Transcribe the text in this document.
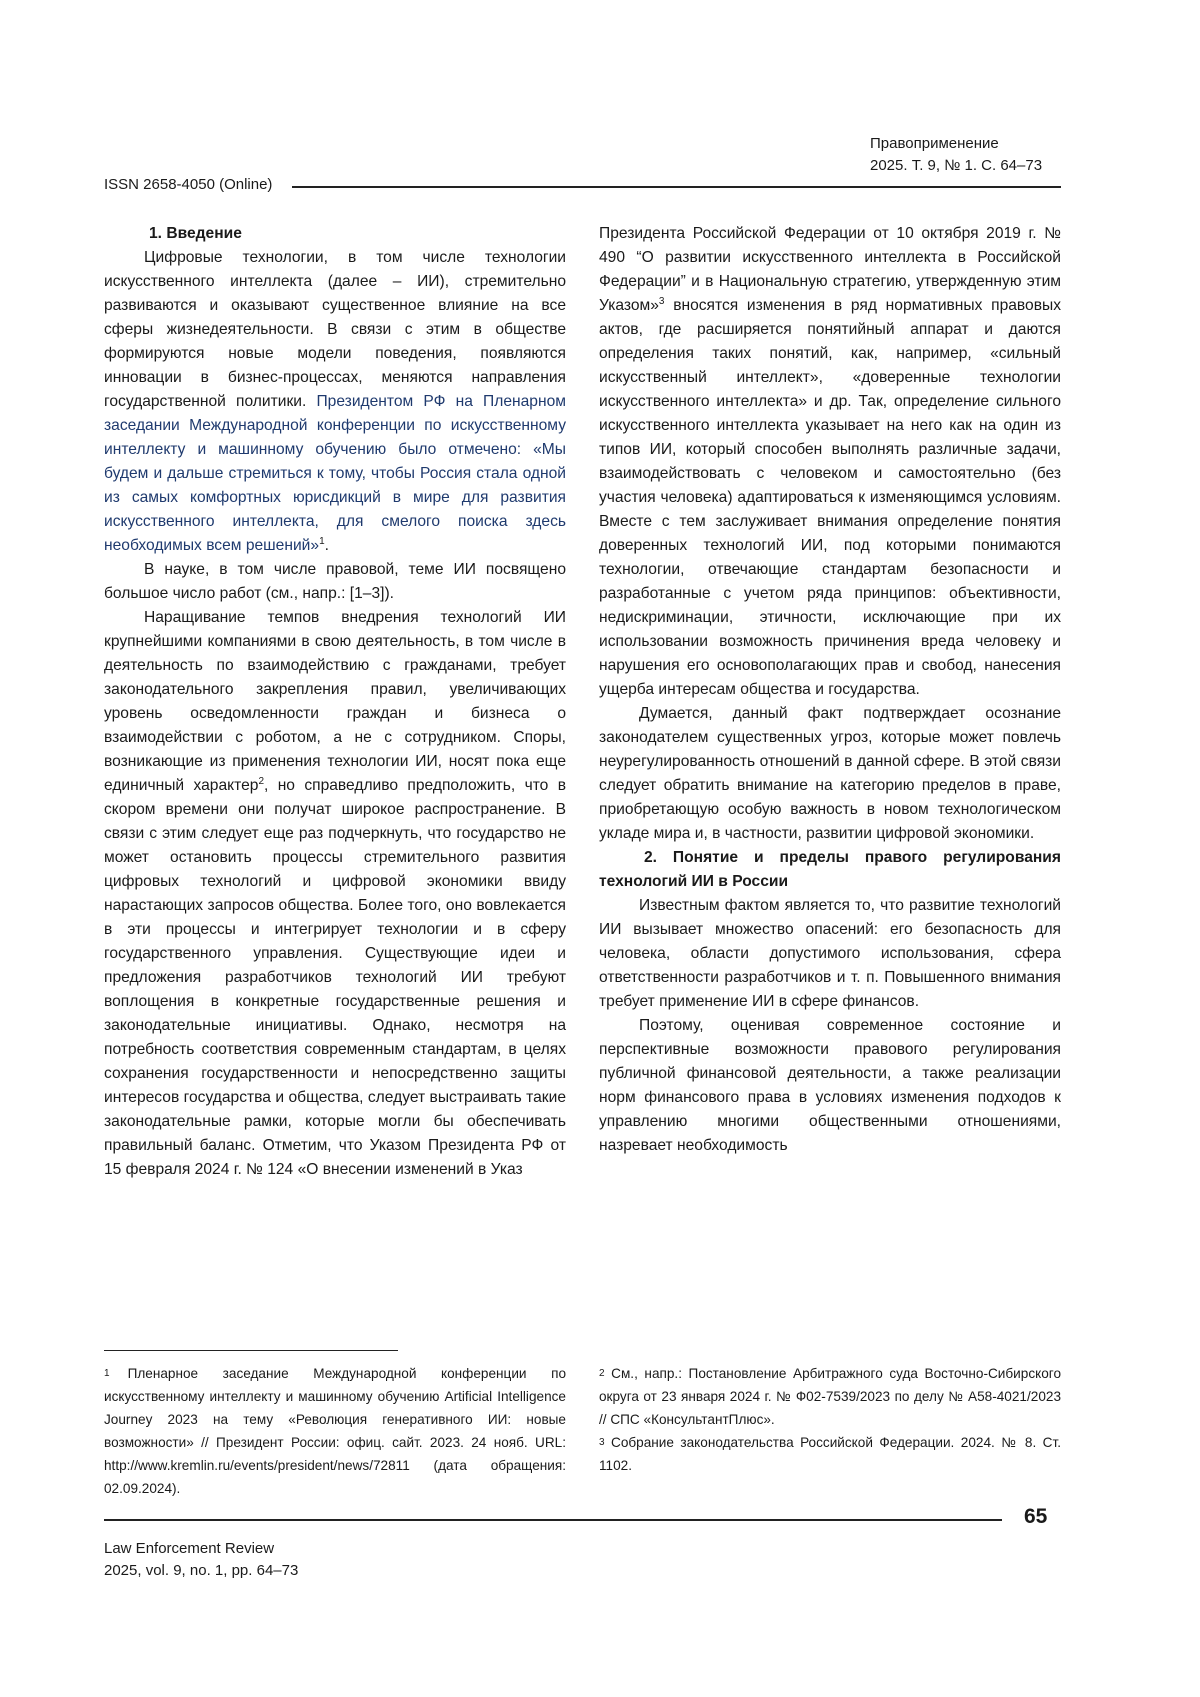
Правоприменение
2025. Т. 9, № 1. С. 64–73
ISSN 2658-4050 (Online)
1. Введение

Цифровые технологии, в том числе технологии искусственного интеллекта (далее – ИИ), стремительно развиваются и оказывают существенное влияние на все сферы жизнедеятельности. В связи с этим в обществе формируются новые модели поведения, появляются инновации в бизнес-процессах, меняются направления государственной политики. Президентом РФ на Пленарном заседании Международной конференции по искусственному интеллекту и машинному обучению было отмечено: «Мы будем и дальше стремиться к тому, чтобы Россия стала одной из самых комфортных юрисдикций в мире для развития искусственного интеллекта, для смелого поиска здесь необходимых всем решений»$^1$.

В науке, в том числе правовой, теме ИИ посвящено большое число работ (см., напр.: [1–3]).

Наращивание темпов внедрения технологий ИИ крупнейшими компаниями в свою деятельность, в том числе в деятельность по взаимодействию с гражданами, требует законодательного закрепления правил, увеличивающих уровень осведомленности граждан и бизнеса о взаимодействии с роботом, а не с сотрудником. Споры, возникающие из применения технологии ИИ, носят пока еще единичный характер$^2$, но справедливо предположить, что в скором времени они получат широкое распространение. В связи с этим следует еще раз подчеркнуть, что государство не может остановить процессы стремительного развития цифровых технологий и цифровой экономики ввиду нарастающих запросов общества. Более того, оно вовлекается в эти процессы и интегрирует технологии и в сферу государственного управления. Существующие идеи и предложения разработчиков технологий ИИ требуют воплощения в конкретные государственные решения и законодательные инициативы. Однако, несмотря на потребность соответствия современным стандартам, в целях сохранения государственности и непосредственно защиты интересов государства и общества, следует выстраивать такие законодательные рамки, которые могли бы обеспечивать правильный баланс. Отметим, что Указом Президента РФ от 15 февраля 2024 г. № 124 «О внесении изменений в Указ

Президента Российской Федерации от 10 октября 2019 г. № 490 “О развитии искусственного интеллекта в Российской Федерации” и в Национальную стратегию, утвержденную этим Указом»$^3$ вносятся изменения в ряд нормативных правовых актов, где расширяется понятийный аппарат и даются определения таких понятий, как, например, «сильный искусственный интеллект», «доверенные технологии искусственного интеллекта» и др. Так, определение сильного искусственного интеллекта указывает на него как на один из типов ИИ, который способен выполнять различные задачи, взаимодействовать с человеком и самостоятельно (без участия человека) адаптироваться к изменяющимся условиям. Вместе с тем заслуживает внимания определение понятия доверенных технологий ИИ, под которыми понимаются технологии, отвечающие стандартам безопасности и разработанные с учетом ряда принципов: объективности, недискриминации, этичности, исключающие при их использовании возможность причинения вреда человеку и нарушения его основополагающих прав и свобод, нанесения ущерба интересам общества и государства.

Думается, данный факт подтверждает осознание законодателем существенных угроз, которые может повлечь неурегулированность отношений в данной сфере. В этой связи следует обратить внимание на категорию пределов в праве, приобретающую особую важность в новом технологическом укладе мира и, в частности, развитии цифровой экономики.

2. Понятие и пределы правого регулирования технологий ИИ в России

Известным фактом является то, что развитие технологий ИИ вызывает множество опасений: его безопасность для человека, области допустимого использования, сфера ответственности разработчиков и т. п. Повышенного внимания требует применение ИИ в сфере финансов.

Поэтому, оценивая современное состояние и перспективные возможности правового регулирования публичной финансовой деятельности, а также реализации норм финансового права в условиях изменения подходов к управлению многими общественными отношениями, назревает необходимость

$^1$ Пленарное заседание Международной конференции по искусственному интеллекту и машинному обучению Artificial Intelligence Journey 2023 на тему «Революция генеративного ИИ: новые возможности» // Президент России: офиц. сайт. 2023. 24 нояб. URL: http://www.kremlin.ru/events/president/news/72811 (дата обращения: 02.09.2024).

$^2$ См., напр.: Постановление Арбитражного суда Восточно-Сибирского округа от 23 января 2024 г. № Ф02-7539/2023 по делу № А58-4021/2023 // СПС «КонсультантПлюс».

$^3$ Собрание законодательства Российской Федерации. 2024. № 8. Ст. 1102.

65
Law Enforcement Review
2025, vol. 9, no. 1, pp. 64–73
